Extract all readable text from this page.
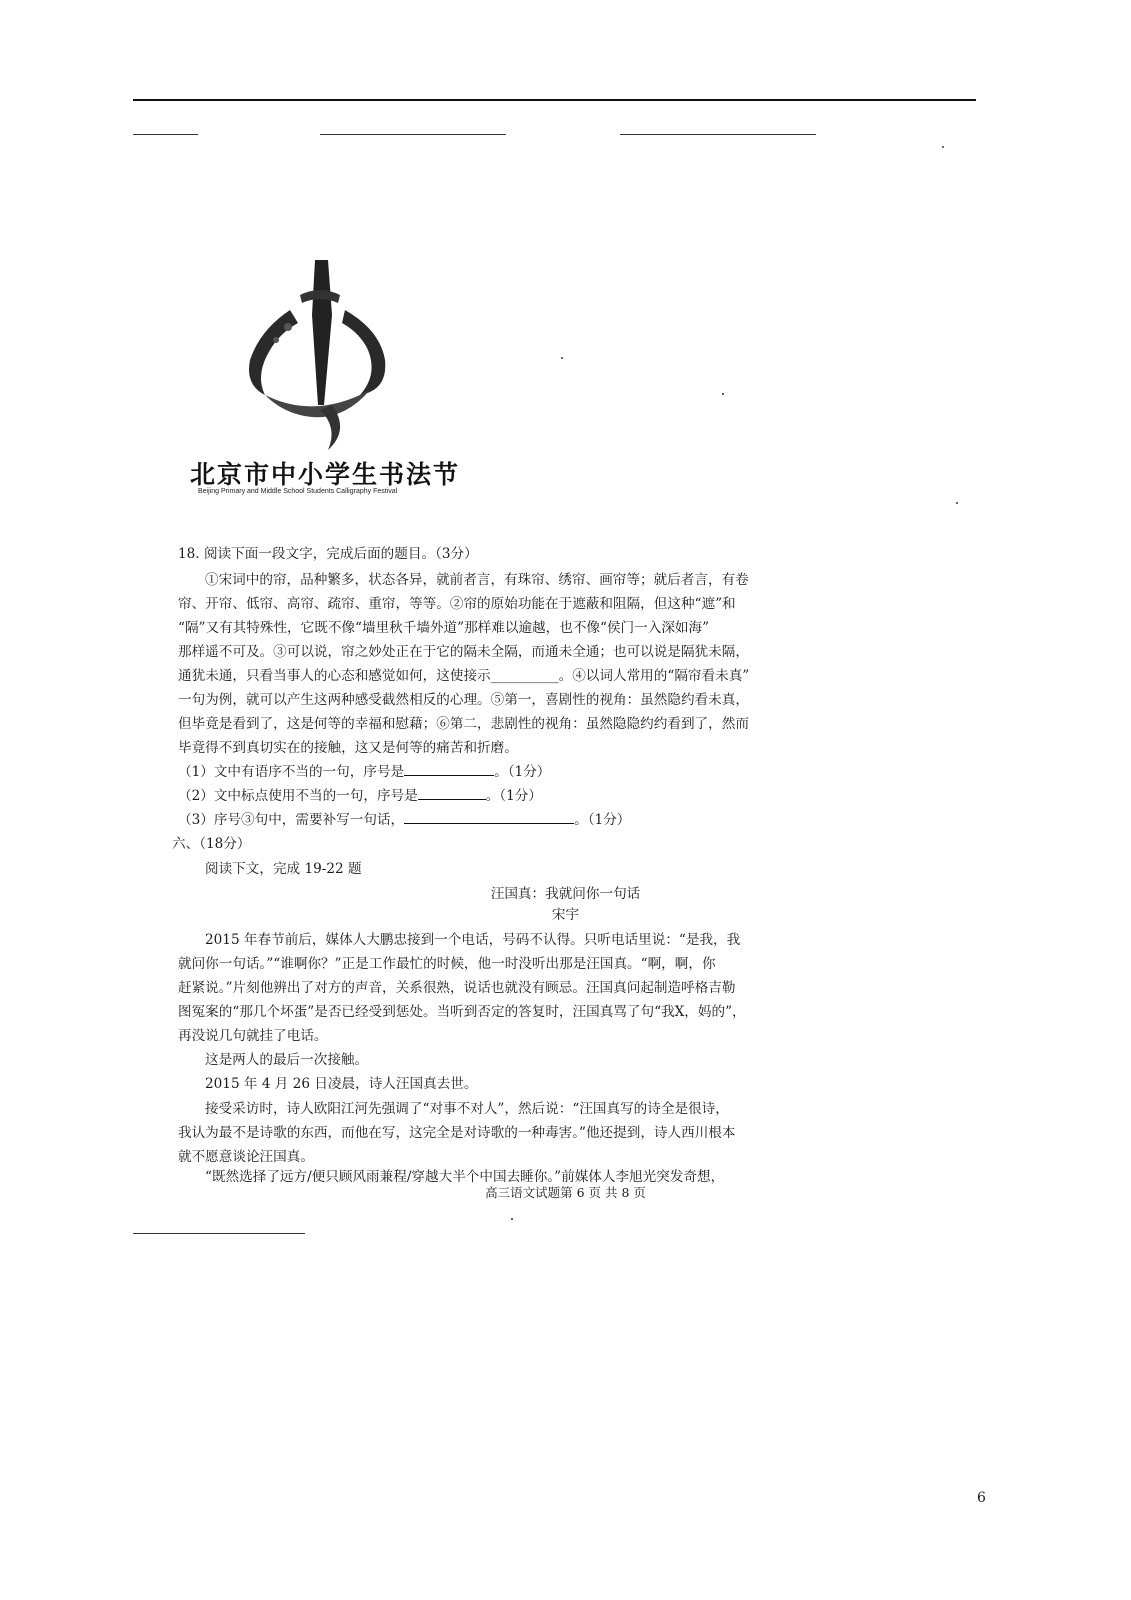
北京市中小学生书法节
Beijing Primary and Middle School Students Calligraphy Festival
18. 阅读下面一段文字，完成后面的题目。（3分）
①宋词中的帘，品种繁多，状态各异，就前者言，有珠帘、绣帘、画帘等；就后者言，有卷
帘、开帘、低帘、高帘、疏帘、重帘，等等。②帘的原始功能在于遮蔽和阻隔，但这种“遮”和
“隔”又有其特殊性，它既不像“墙里秋千墙外道”那样难以逾越，也不像“侯门一入深如海”
那样遥不可及。③可以说，帘之妙处正在于它的隔未全隔，而通未全通；也可以说是隔犹未隔，
通犹未通，只看当事人的心态和感觉如何，这使接示__________。④以词人常用的“隔帘看未真”
一句为例，就可以产生这两种感受截然相反的心理。⑤第一，喜剧性的视角：虽然隐约看未真，
但毕竟是看到了，这是何等的幸福和慰藉；⑥第二，悲剧性的视角：虽然隐隐约约看到了，然而
毕竟得不到真切实在的接触，这又是何等的痛苦和折磨。
（1）文中有语序不当的一句，序号是	。（1分）
（2）文中标点使用不当的一句，序号是	。（1分）
（3）序号③句中，需要补写一句话，	。（1分）
六、（18分）
阅读下文，完成 19-22 题
汪国真：我就问你一句话
宋宇
2015 年春节前后，媒体人大鹏忠接到一个电话，号码不认得。只听电话里说：“是我，我
就问你一句话。”“谁啊你？”正是工作最忙的时候，他一时没听出那是汪国真。“啊，啊，你
赶紧说。”片刻他辨出了对方的声音，关系很熟，说话也就没有顾忌。汪国真问起制造呼格吉勒
图冤案的“那几个坏蛋”是否已经受到惩处。当听到否定的答复时，汪国真骂了句“我X，妈的”，
再没说几句就挂了电话。
这是两人的最后一次接触。
2015 年 4 月 26 日凌晨，诗人汪国真去世。
接受采访时，诗人欧阳江河先强调了“对事不对人”，然后说：“汪国真写的诗全是很诗，
我认为最不是诗歌的东西，而他在写，这完全是对诗歌的一种毒害。”他还提到，诗人西川根本
就不愿意谈论汪国真。
“既然选择了远方/便只顾风雨兼程/穿越大半个中国去睡你。”前媒体人李旭光突发奇想，
高三语文试题第 6 页 共 8 页
6
